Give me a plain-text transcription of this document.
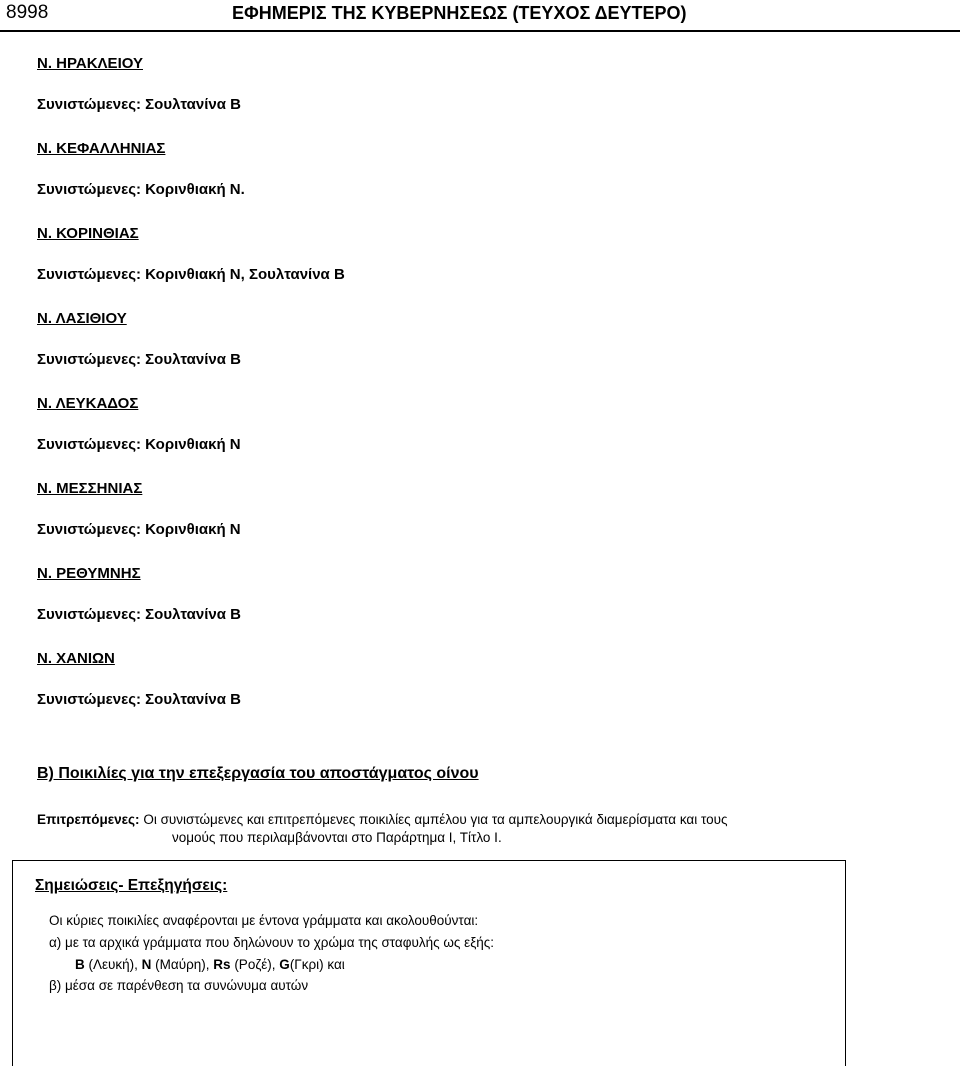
8998	ΕΦΗΜΕΡΙΣ ΤΗΣ ΚΥΒΕΡΝΗΣΕΩΣ (ΤΕΥΧΟΣ ΔΕΥΤΕΡΟ)
Ν. ΗΡΑΚΛΕΙΟΥ
Συνιστώμενες: Σουλτανίνα Β
Ν. ΚΕΦΑΛΛΗΝΙΑΣ
Συνιστώμενες: Κορινθιακή Ν.
Ν. ΚΟΡΙΝΘΙΑΣ
Συνιστώμενες: Κορινθιακή Ν, Σουλτανίνα Β
Ν. ΛΑΣΙΘΙΟΥ
Συνιστώμενες: Σουλτανίνα Β
Ν. ΛΕΥΚΑΔΟΣ
Συνιστώμενες: Κορινθιακή Ν
Ν. ΜΕΣΣΗΝΙΑΣ
Συνιστώμενες: Κορινθιακή Ν
Ν. ΡΕΘΥΜΝΗΣ
Συνιστώμενες: Σουλτανίνα Β
Ν. ΧΑΝΙΩΝ
Συνιστώμενες: Σουλτανίνα Β
Β) Ποικιλίες για την επεξεργασία του αποστάγματος οίνου
Επιτρεπόμενες: Οι συνιστώμενες και επιτρεπόμενες ποικιλίες αμπέλου για τα αμπελουργικά διαμερίσματα και τους
νομούς που περιλαμβάνονται στο Παράρτημα Ι, Τίτλο Ι.
Σημειώσεις- Επεξηγήσεις:
Οι κύριες ποικιλίες αναφέρονται με έντονα γράμματα και ακολουθούνται:
α) με τα αρχικά γράμματα που δηλώνουν το χρώμα της σταφυλής ως εξής:
Β (Λευκή), Ν (Μαύρη), Rs (Ροζέ), G(Γκρι) και
β) μέσα σε παρένθεση τα συνώνυμα αυτών
